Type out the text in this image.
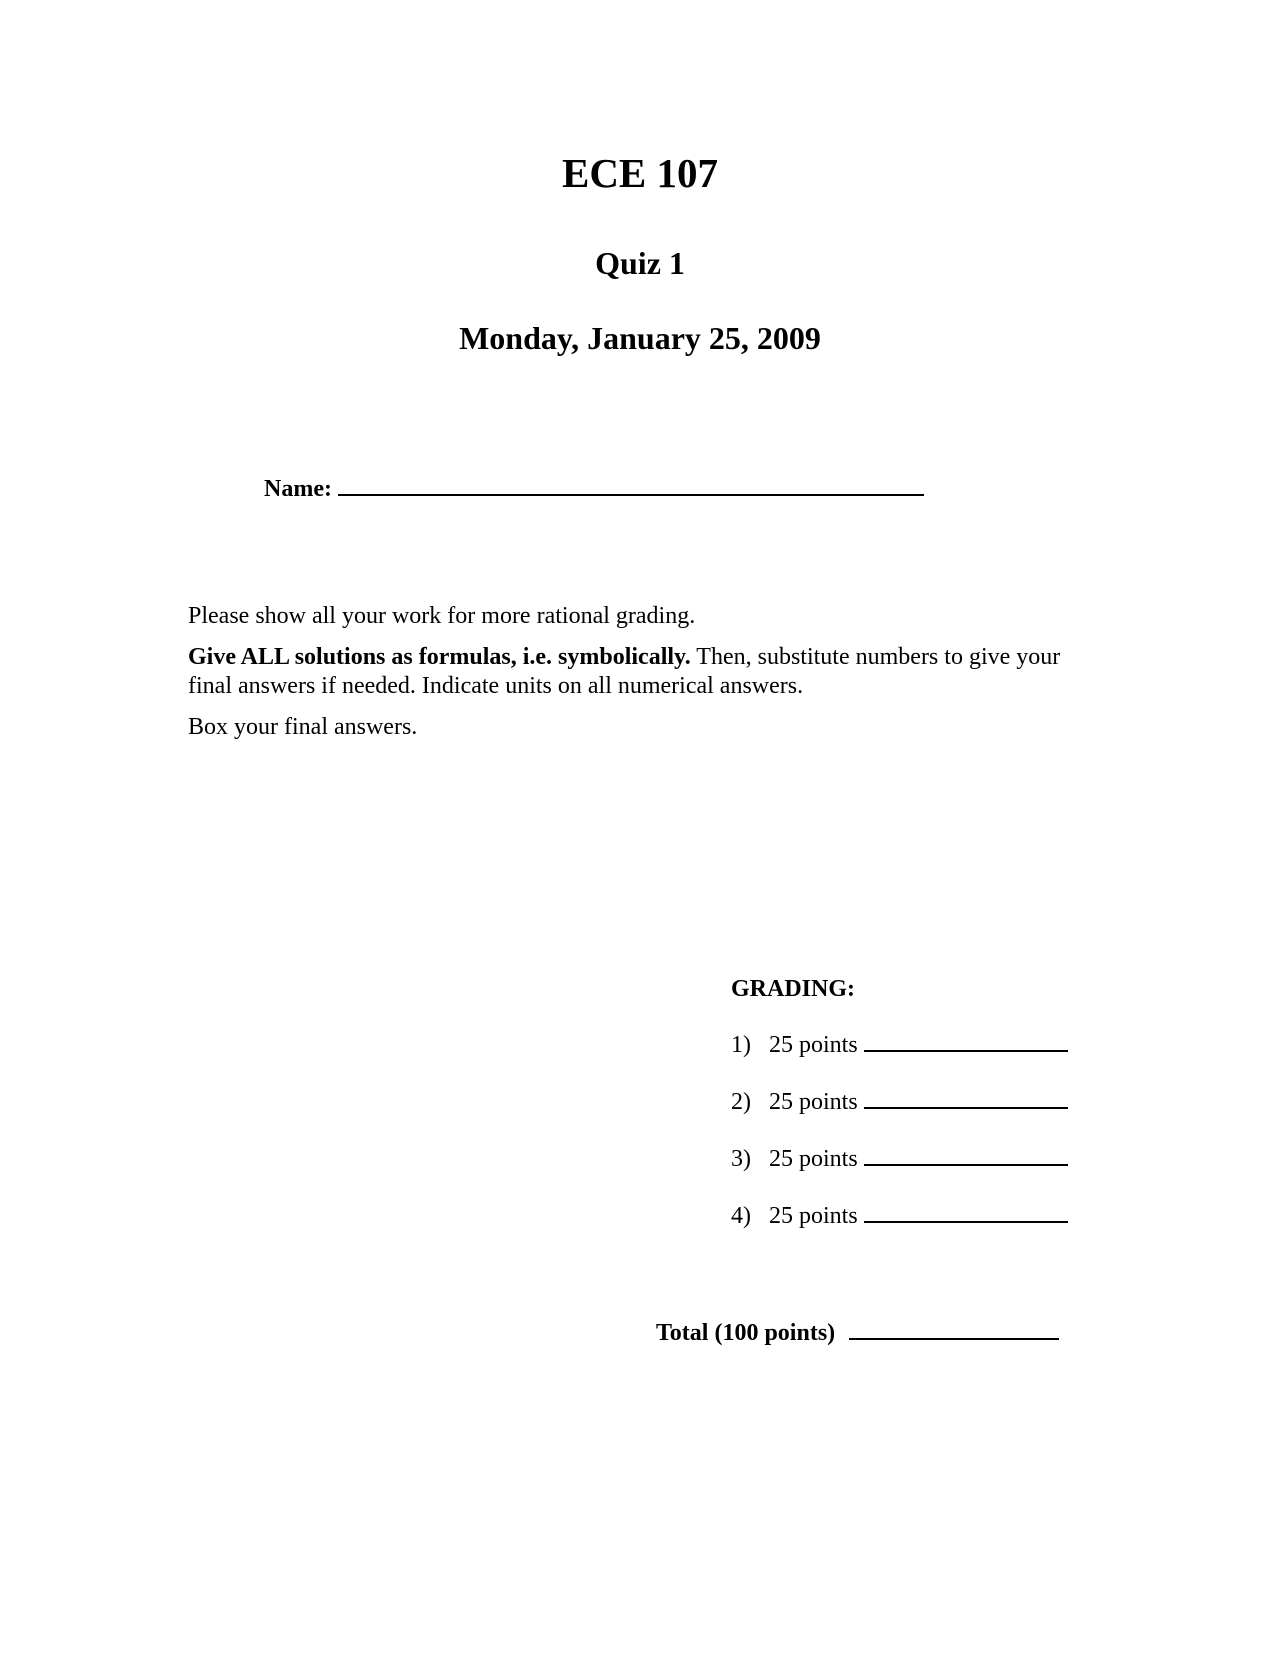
ECE 107
Quiz 1
Monday, January 25, 2009
Name:

Please show all your work for more rational grading.

Give ALL solutions as formulas, i.e. symbolically. Then, substitute numbers to give your final answers if needed. Indicate units on all numerical answers.

Box your final answers.

GRADING:
1) 25 points
2) 25 points
3) 25 points
4) 25 points
Total (100 points)
